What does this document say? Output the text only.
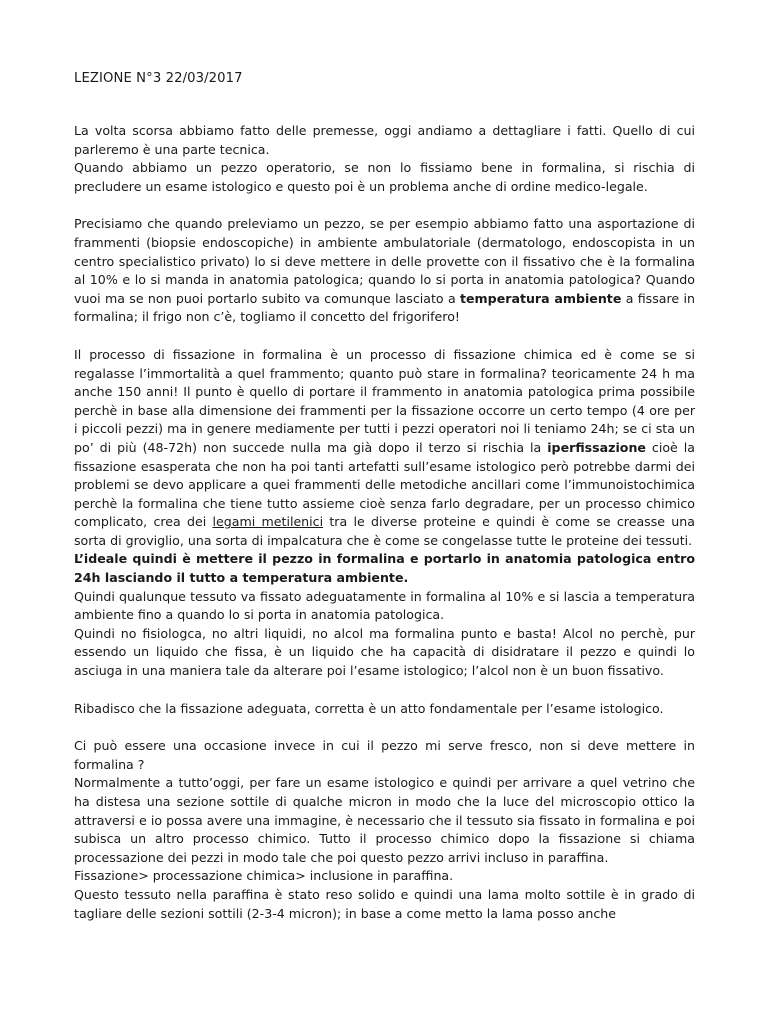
LEZIONE N°3 22/03/2017

La volta scorsa abbiamo fatto delle premesse, oggi andiamo a dettagliare i fatti. Quello di cui parleremo è una parte tecnica.

Quando abbiamo un pezzo operatorio, se non lo fissiamo bene in formalina, si rischia di precludere un esame istologico e questo poi è un problema anche di ordine medico-legale.

Precisiamo che quando preleviamo un pezzo, se per esempio abbiamo fatto una asportazione di frammenti (biopsie endoscopiche) in ambiente ambulatoriale (dermatologo, endoscopista in un centro specialistico privato) lo si deve mettere in delle provette con il fissativo che è la formalina al 10% e lo si manda in anatomia patologica; quando lo si porta in anatomia patologica? Quando vuoi ma se non puoi portarlo subito va comunque lasciato a temperatura ambiente a fissare in formalina; il frigo non c’è, togliamo il concetto del frigorifero!

Il processo di fissazione in formalina è un processo di fissazione chimica ed è come se si regalasse l’immortalità a quel frammento; quanto può stare in formalina? teoricamente 24 h ma anche 150 anni! Il punto è quello di portare il frammento in anatomia patologica prima possibile perchè in base alla dimensione dei frammenti per la fissazione occorre un certo tempo (4 ore per i piccoli pezzi) ma in genere mediamente per tutti i pezzi operatori noi li teniamo 24h; se ci sta un po’ di più (48-72h) non succede nulla ma già dopo il terzo si rischia la iperfissazione cioè la fissazione esasperata che non ha poi tanti artefatti sull’esame istologico però potrebbe darmi dei problemi se devo applicare a quei frammenti delle metodiche ancillari come l’immunoistochimica perchè la formalina che tiene tutto assieme cioè senza farlo degradare, per un processo chimico complicato, crea dei legami metilenici tra le diverse proteine e quindi è come se creasse una sorta di groviglio, una sorta di impalcatura che è come se congelasse tutte le proteine dei tessuti.

L’ideale quindi è mettere il pezzo in formalina e portarlo in anatomia patologica entro 24h lasciando il tutto a temperatura ambiente.

Quindi qualunque tessuto va fissato adeguatamente in formalina al 10% e si lascia a temperatura ambiente fino a quando lo si porta in anatomia patologica.

Quindi no fisiologca, no altri liquidi, no alcol ma formalina punto e basta! Alcol no perchè, pur essendo un liquido che fissa, è un liquido che ha capacità di disidratare il pezzo e quindi lo asciuga in una maniera tale da alterare poi l’esame istologico; l’alcol non è un buon fissativo.

Ribadisco che la fissazione adeguata, corretta è un atto fondamentale per l’esame istologico.

Ci può essere una occasione invece in cui il pezzo mi serve fresco, non si deve mettere in formalina ?

Normalmente a tutto’oggi, per fare un esame istologico e quindi per arrivare a quel vetrino che ha distesa una sezione sottile di qualche micron in modo che la luce del microscopio ottico la attraversi e io possa avere una immagine, è necessario che il tessuto sia fissato in formalina e poi subisca un altro processo chimico. Tutto il processo chimico dopo la fissazione si chiama processazione dei pezzi in modo tale che poi questo pezzo arrivi incluso in paraffina.

Fissazione> processazione chimica> inclusione in paraffina.

Questo tessuto nella paraffina è stato reso solido e quindi una lama molto sottile è in grado di tagliare delle sezioni sottili (2-3-4 micron); in base a come metto la lama posso anche
